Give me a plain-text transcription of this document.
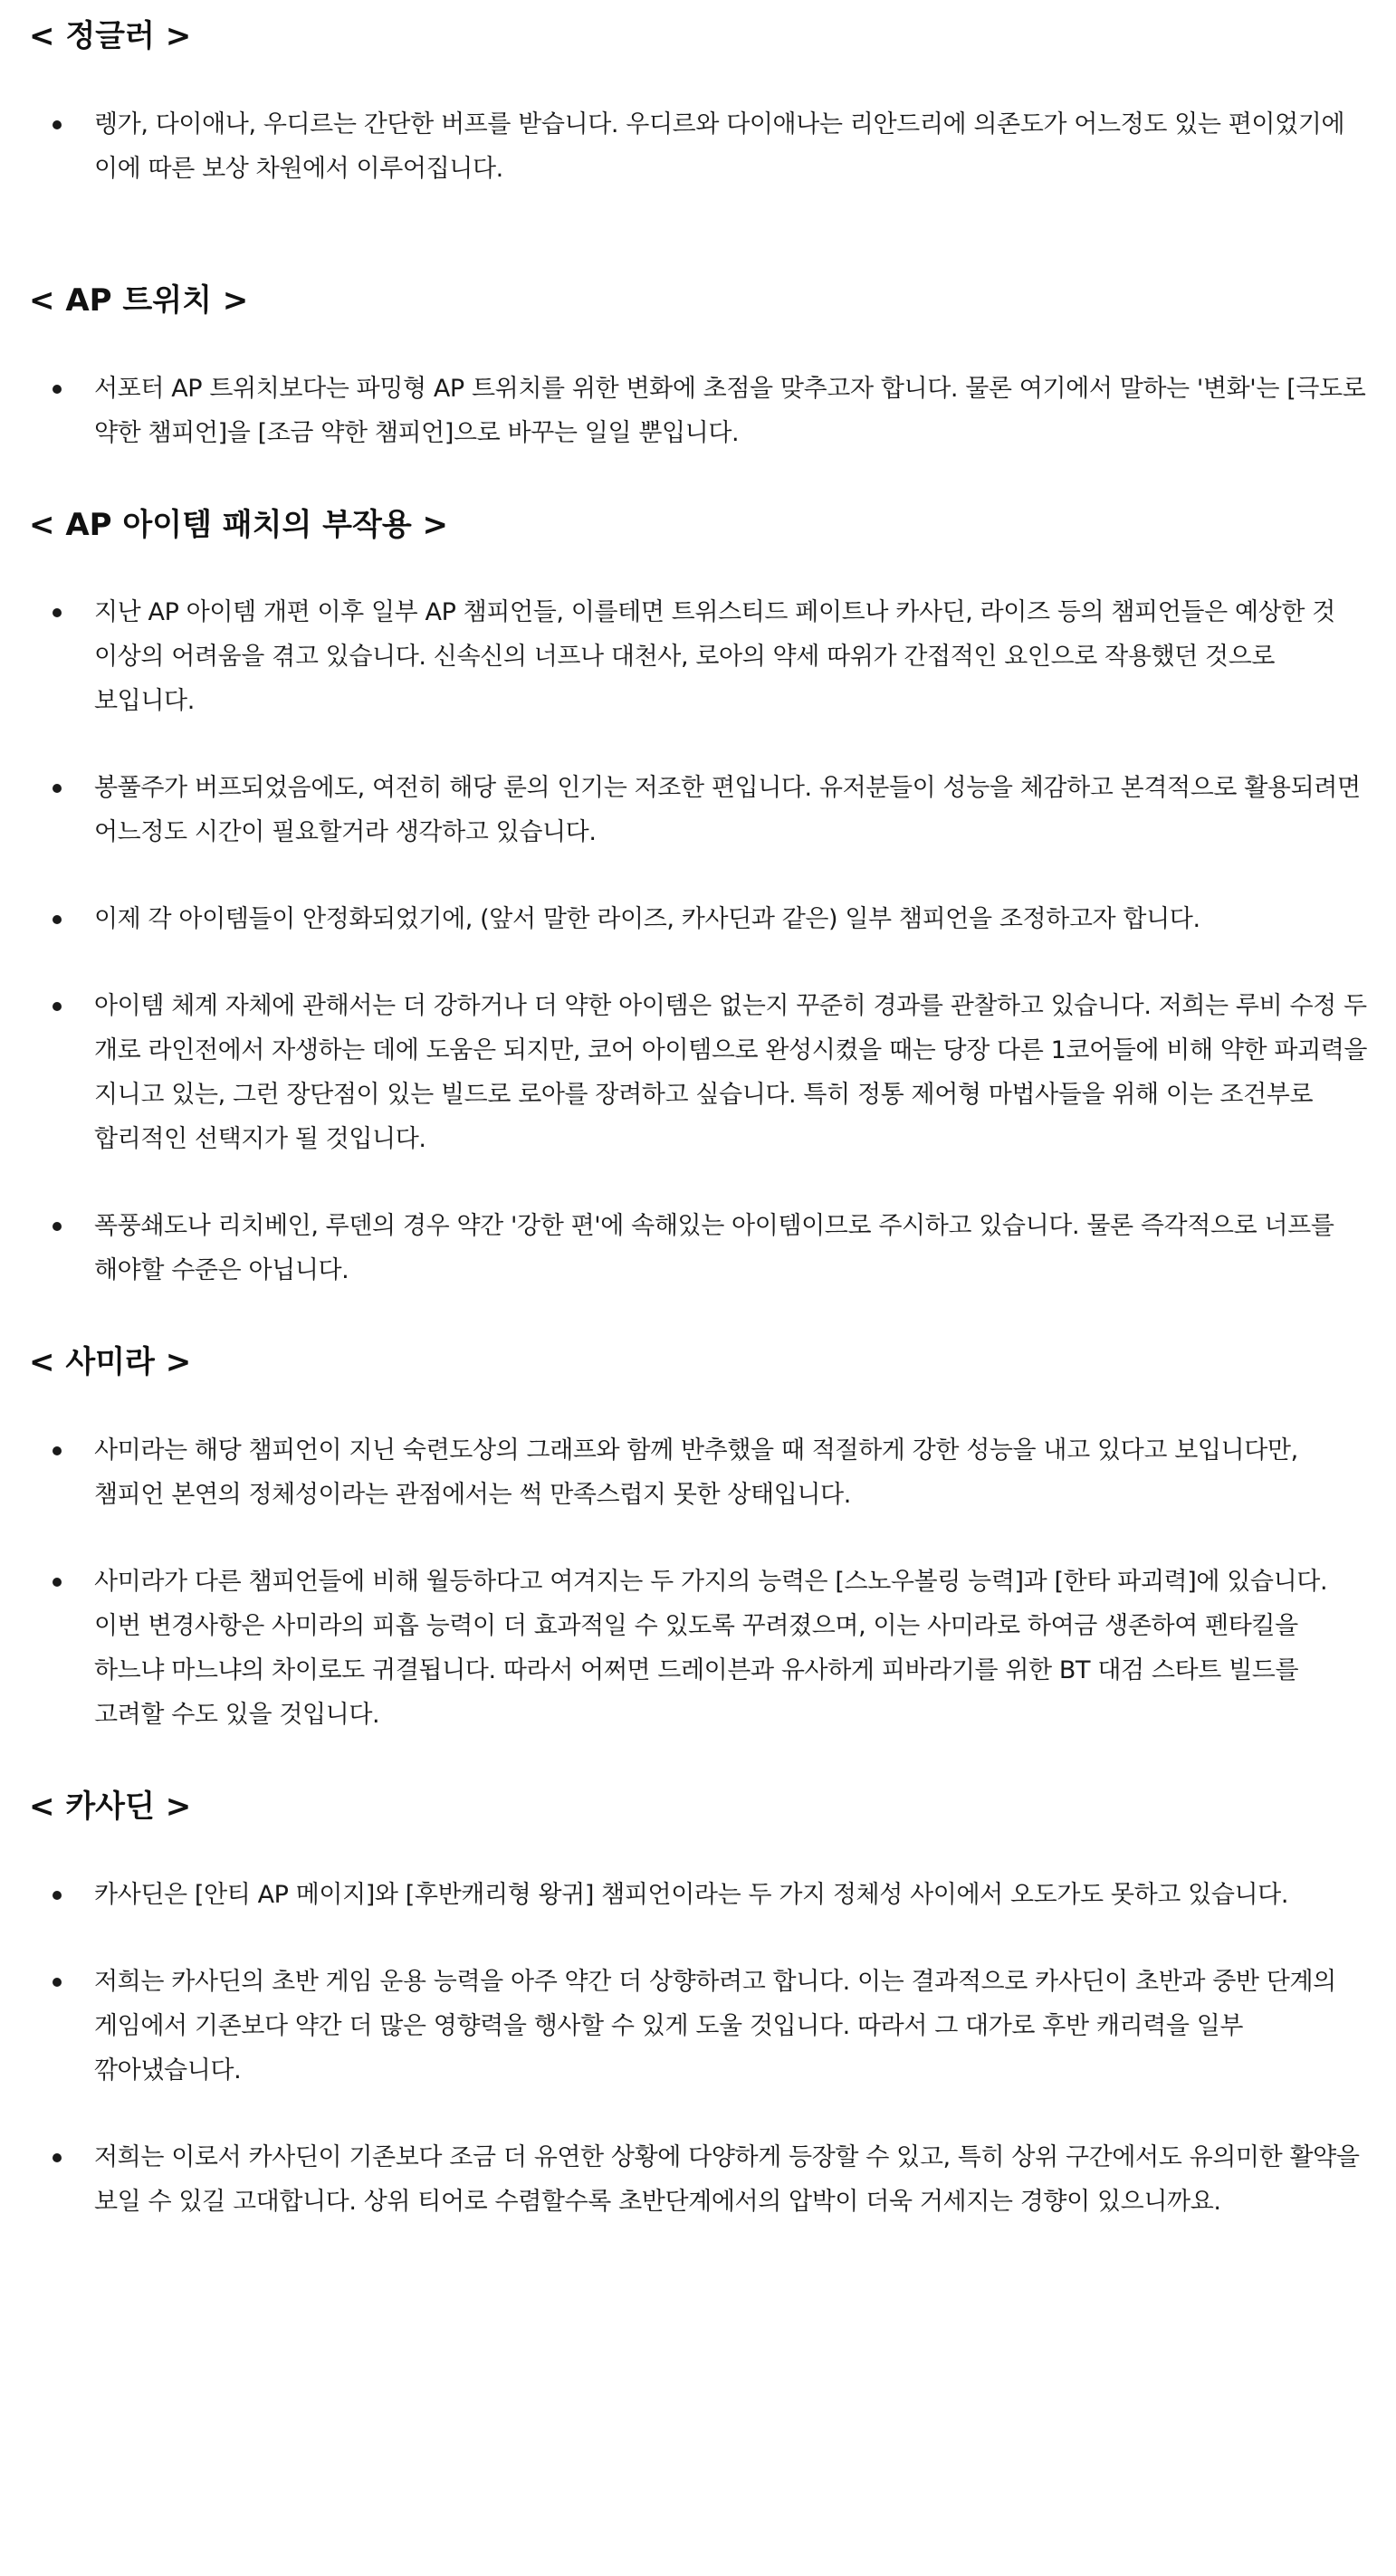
< 정글러 >
렝가, 다이애나, 우디르는 간단한 버프를 받습니다. 우디르와 다이애나는 리안드리에 의존도가 어느정도 있는 편이었기에 이에 따른 보상 차원에서 이루어집니다.
< AP 트위치 >
서포터 AP 트위치보다는 파밍형 AP 트위치를 위한 변화에 초점을 맞추고자 합니다. 물론 여기에서 말하는 '변화'는 [극도로 약한 챔피언]을 [조금 약한 챔피언]으로 바꾸는 일일 뿐입니다.
< AP 아이템 패치의 부작용 >
지난 AP 아이템 개편 이후 일부 AP 챔피언들, 이를테면 트위스티드 페이트나 카사딘, 라이즈 등의 챔피언들은 예상한 것 이상의 어려움을 겪고 있습니다. 신속신의 너프나 대천사, 로아의 약세 따위가 간접적인 요인으로 작용했던 것으로 보입니다.
봉풀주가 버프되었음에도, 여전히 해당 룬의 인기는 저조한 편입니다. 유저분들이 성능을 체감하고 본격적으로 활용되려면 어느정도 시간이 필요할거라 생각하고 있습니다.
이제 각 아이템들이 안정화되었기에, (앞서 말한 라이즈, 카사딘과 같은) 일부 챔피언을 조정하고자 합니다.
아이템 체계 자체에 관해서는 더 강하거나 더 약한 아이템은 없는지 꾸준히 경과를 관찰하고 있습니다. 저희는 루비 수정 두 개로 라인전에서 자생하는 데에 도움은 되지만, 코어 아이템으로 완성시켰을 때는 당장 다른 1코어들에 비해 약한 파괴력을 지니고 있는, 그런 장단점이 있는 빌드로 로아를 장려하고 싶습니다. 특히 정통 제어형 마법사들을 위해 이는 조건부로 합리적인 선택지가 될 것입니다.
폭풍쇄도나 리치베인, 루덴의 경우 약간 '강한 편'에 속해있는 아이템이므로 주시하고 있습니다. 물론 즉각적으로 너프를 해야할 수준은 아닙니다.
< 사미라 >
사미라는 해당 챔피언이 지닌 숙련도상의 그래프와 함께 반추했을 때 적절하게 강한 성능을 내고 있다고 보입니다만, 챔피언 본연의 정체성이라는 관점에서는 썩 만족스럽지 못한 상태입니다.
사미라가 다른 챔피언들에 비해 월등하다고 여겨지는 두 가지의 능력은 [스노우볼링 능력]과 [한타 파괴력]에 있습니다. 이번 변경사항은 사미라의 피흡 능력이 더 효과적일 수 있도록 꾸려졌으며, 이는 사미라로 하여금 생존하여 펜타킬을 하느냐 마느냐의 차이로도 귀결됩니다. 따라서 어쩌면 드레이븐과 유사하게 피바라기를 위한 BT 대검 스타트 빌드를 고려할 수도 있을 것입니다.
< 카사딘 >
카사딘은 [안티 AP 메이지]와 [후반캐리형 왕귀] 챔피언이라는 두 가지 정체성 사이에서 오도가도 못하고 있습니다.
저희는 카사딘의 초반 게임 운용 능력을 아주 약간 더 상향하려고 합니다. 이는 결과적으로 카사딘이 초반과 중반 단계의 게임에서 기존보다 약간 더 많은 영향력을 행사할 수 있게 도울 것입니다. 따라서 그 대가로 후반 캐리력을 일부 깎아냈습니다.
저희는 이로서 카사딘이 기존보다 조금 더 유연한 상황에 다양하게 등장할 수 있고, 특히 상위 구간에서도 유의미한 활약을 보일 수 있길 고대합니다. 상위 티어로 수렴할수록 초반단계에서의 압박이 더욱 거세지는 경향이 있으니까요.
